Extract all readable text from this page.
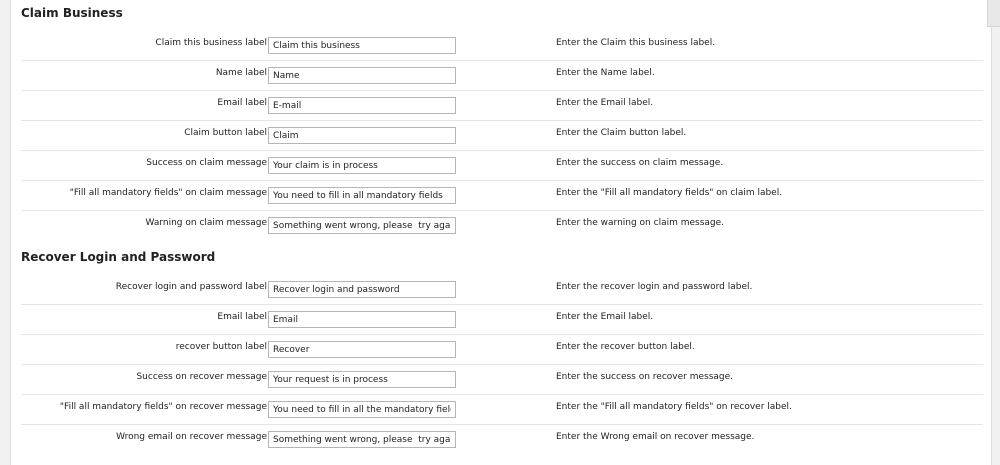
Claim Business
Claim this business label
Claim this business	Enter the Claim this business label.
Name label
Name	Enter the Name label.
Email label
E-mail	Enter the Email label.
Claim button label
Claim	Enter the Claim button label.
Success on claim message
Your claim is in process	Enter the success on claim message.
"Fill all mandatory fields" on claim message
You need to fill in all mandatory fields	Enter the "Fill all mandatory fields" on claim label.
Warning on claim message
Something went wrong, please try again	Enter the warning on claim message.
Recover Login and Password
Recover login and password label
Recover login and password	Enter the recover login and password label.
Email label
Email	Enter the Email label.
recover button label
Recover	Enter the recover button label.
Success on recover message
Your request is in process	Enter the success on recover message.
"Fill all mandatory fields" on recover message
You need to fill in all the mandatory fields	Enter the "Fill all mandatory fields" on recover label.
Wrong email on recover message
Something went wrong, please try again	Enter the Wrong email on recover message.
